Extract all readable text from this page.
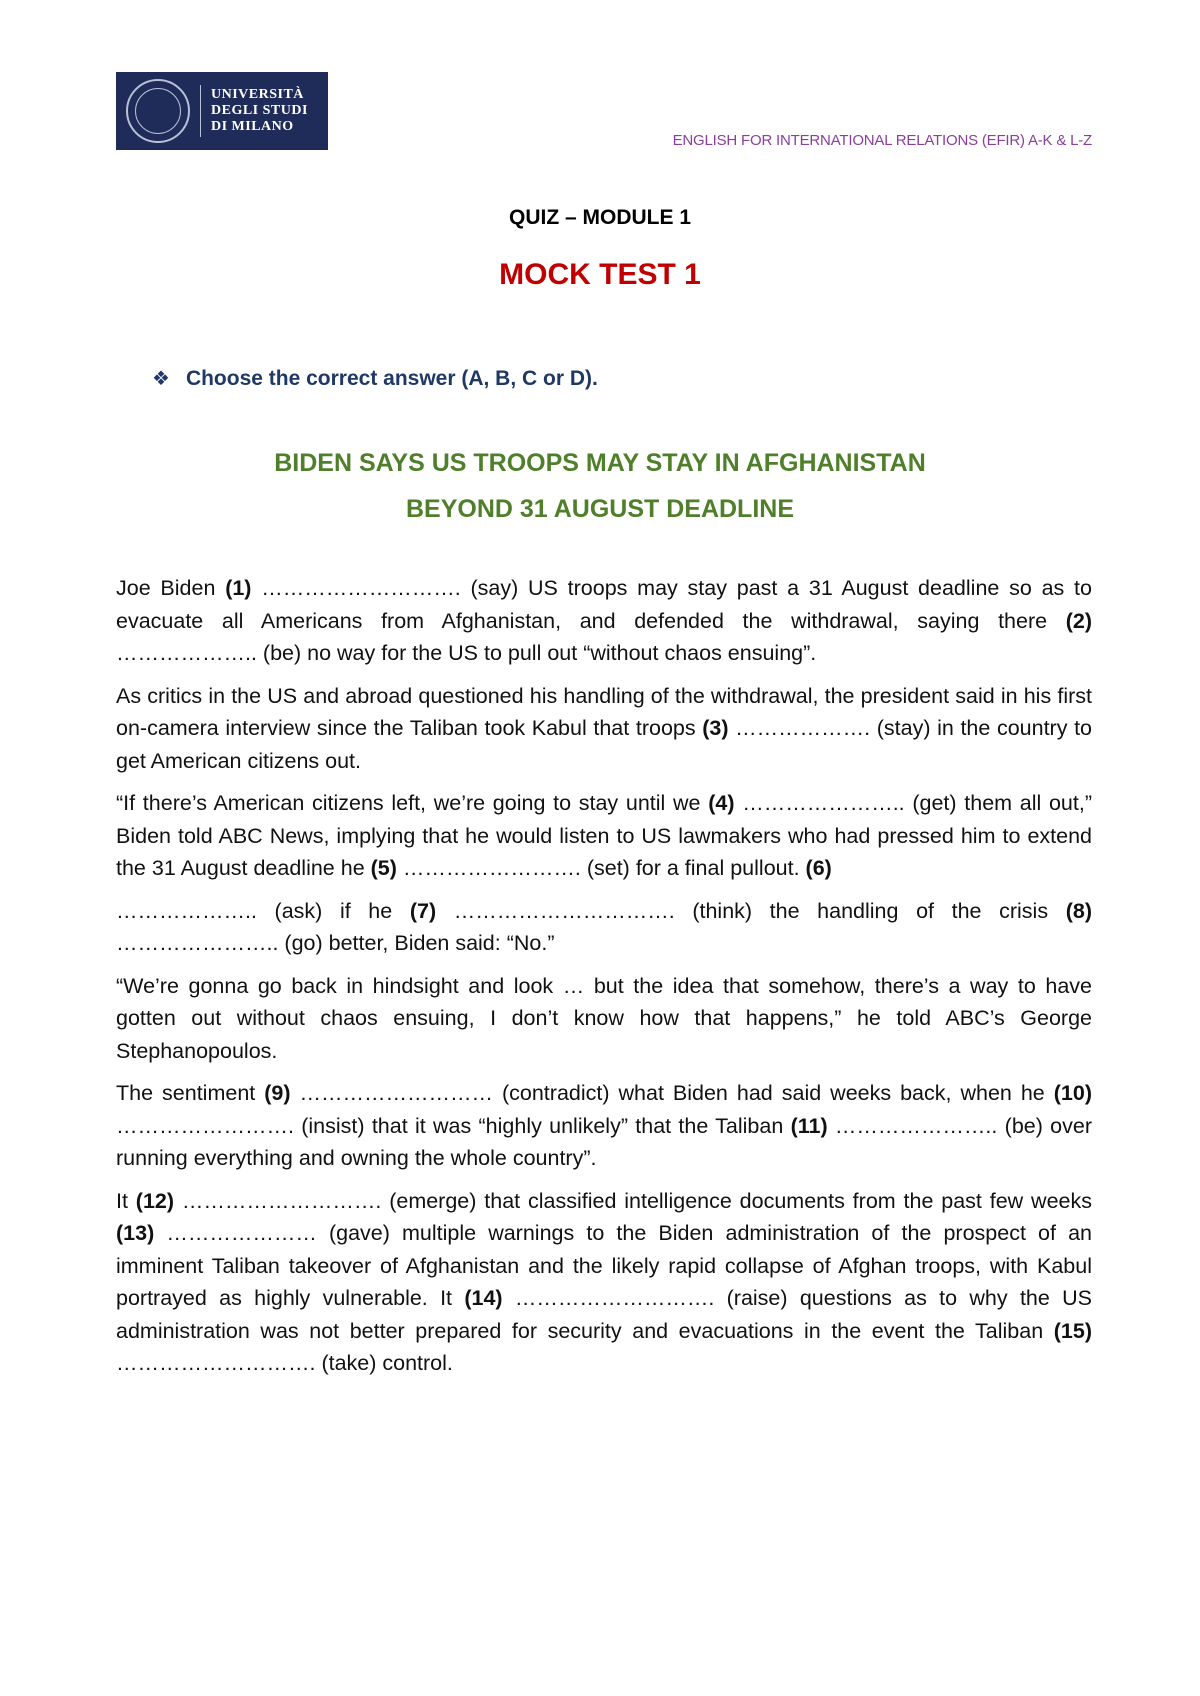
UNIVERSITÀ
DEGLI STUDI
DI MILANO
ENGLISH FOR INTERNATIONAL RELATIONS (EFIR) A-K & L-Z
QUIZ – MODULE 1
MOCK TEST 1
❖ Choose the correct answer (A, B, C or D).
BIDEN SAYS US TROOPS MAY STAY IN AFGHANISTAN
BEYOND 31 AUGUST DEADLINE

Joe Biden (1) ………………………. (say) US troops may stay past a 31 August deadline so as to evacuate all Americans from Afghanistan, and defended the withdrawal, saying there (2) ……………….. (be) no way for the US to pull out “without chaos ensuing”.

As critics in the US and abroad questioned his handling of the withdrawal, the president said in his first on-camera interview since the Taliban took Kabul that troops (3) ………………. (stay) in the country to get American citizens out.

“If there’s American citizens left, we’re going to stay until we (4) ………………….. (get) them all out,” Biden told ABC News, implying that he would listen to US lawmakers who had pressed him to extend the 31 August deadline he (5) ……………………. (set) for a final pullout. (6)

……………….. (ask) if he (7) …………………………. (think) the handling of the crisis (8) ………………….. (go) better, Biden said: “No.”

“We’re gonna go back in hindsight and look … but the idea that somehow, there’s a way to have gotten out without chaos ensuing, I don’t know how that happens,” he told ABC’s George Stephanopoulos.

The sentiment (9) ……………………… (contradict) what Biden had said weeks back, when he (10) ……………………. (insist) that it was “highly unlikely” that the Taliban (11) ………………….. (be) over running everything and owning the whole country”.

It (12) ………………………. (emerge) that classified intelligence documents from the past few weeks (13) ………………… (gave) multiple warnings to the Biden administration of the prospect of an imminent Taliban takeover of Afghanistan and the likely rapid collapse of Afghan troops, with Kabul portrayed as highly vulnerable. It (14) ………………………. (raise) questions as to why the US administration was not better prepared for security and evacuations in the event the Taliban (15) ………………………. (take) control.
